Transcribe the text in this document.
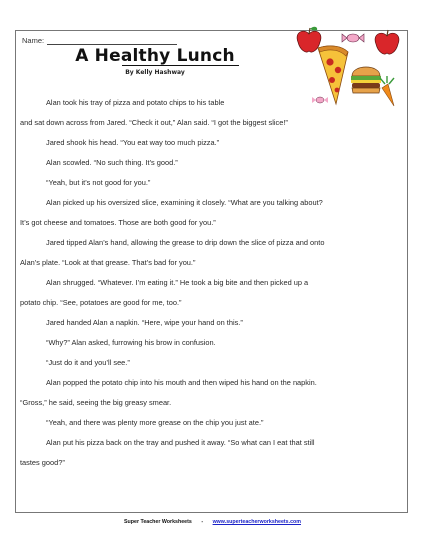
Name:
A Healthy Lunch
By Kelly Hashway
Alan took his tray of pizza and potato chips to his table
and sat down across from Jared. “Check it out,” Alan said. “I got the biggest slice!”
Jared shook his head. “You eat way too much pizza.”
Alan scowled. “No such thing. It’s good.”
“Yeah, but it’s not good for you.”
Alan picked up his oversized slice, examining it closely. “What are you talking about?
It’s got cheese and tomatoes. Those are both good for you.”
Jared tipped Alan’s hand, allowing the grease to drip down the slice of pizza and onto
Alan’s plate. “Look at that grease. That’s bad for you.”
Alan shrugged. “Whatever. I’m eating it.” He took a big bite and then picked up a
potato chip. “See, potatoes are good for me, too.”
Jared handed Alan a napkin. “Here, wipe your hand on this.”
“Why?” Alan asked, furrowing his brow in confusion.
“Just do it and you’ll see.”
Alan popped the potato chip into his mouth and then wiped his hand on the napkin.
“Gross,” he said, seeing the big greasy smear.
“Yeah, and there was plenty more grease on the chip you just ate.”
Alan put his pizza back on the tray and pushed it away. “So what can I eat that still
tastes good?”
Super Teacher Worksheets - www.superteacherworksheets.com
